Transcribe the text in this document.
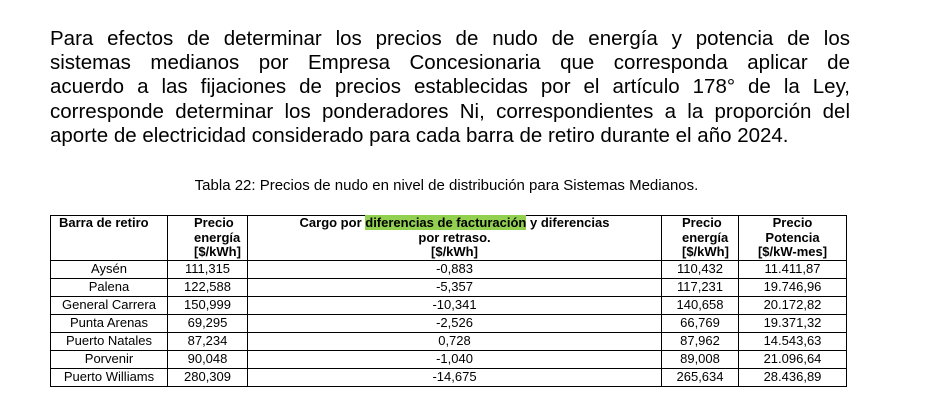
Para efectos de determinar los precios de nudo de energía y potencia de los
sistemas medianos por Empresa Concesionaria que corresponda aplicar de
acuerdo a las fijaciones de precios establecidas por el artículo 178° de la Ley,
corresponde determinar los ponderadores Ni, correspondientes a la proporción del
aporte de electricidad considerado para cada barra de retiro durante el año 2024.

Tabla 22: Precios de nudo en nivel de distribución para Sistemas Medianos.

Barra de retiro	Precio
energía
[$/kWh]	Cargo por diferencias de facturación y diferencias
por retraso.
[$/kWh]	Precio
energía
[$/kWh]	Precio
Potencia
[$/kW-mes]
Aysén	111,315	-0,883	110,432	11.411,87
Palena	122,588	-5,357	117,231	19.746,96
General Carrera	150,999	-10,341	140,658	20.172,82
Punta Arenas	69,295	-2,526	66,769	19.371,32
Puerto Natales	87,234	0,728	87,962	14.543,63
Porvenir	90,048	-1,040	89,008	21.096,64
Puerto Williams	280,309	-14,675	265,634	28.436,89
